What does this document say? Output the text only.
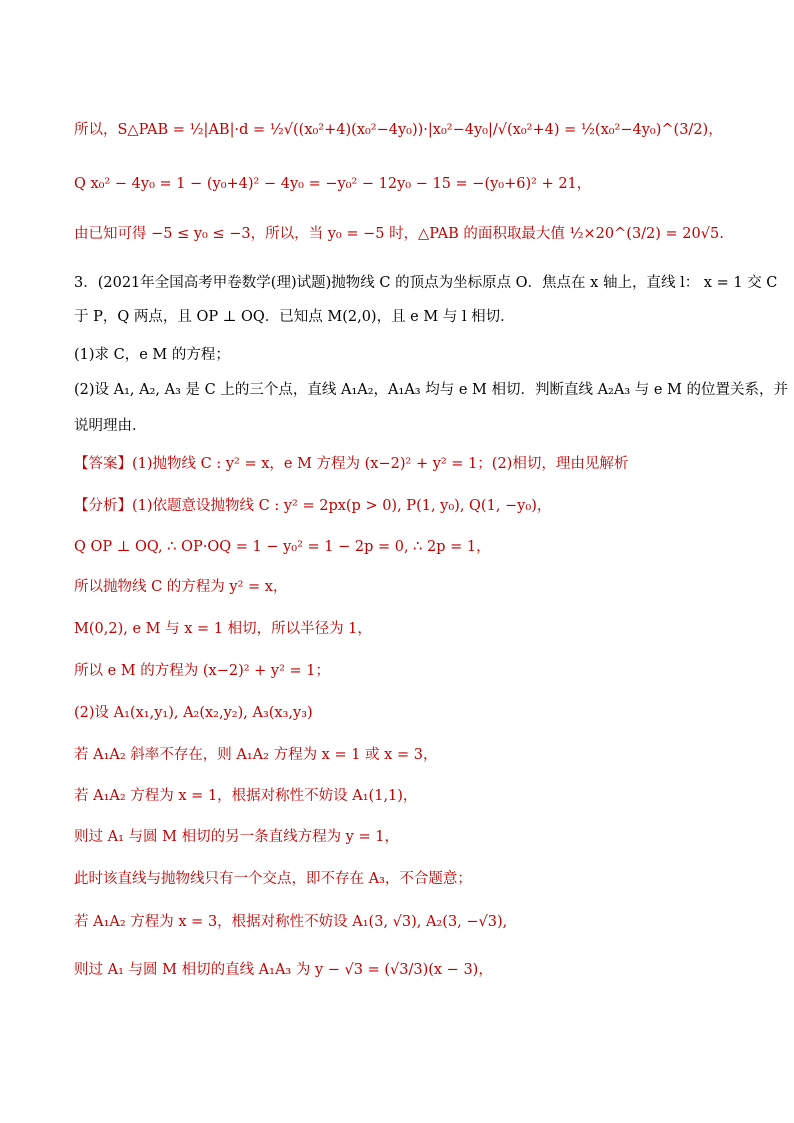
所以，S△PAB = ½|AB|·d = ½√((x₀²+4)(x₀²−4y₀))·|x₀²−4y₀|/√(x₀²+4) = ½(x₀²−4y₀)^(3/2)，
Q x₀² − 4y₀ = 1 − (y₀+4)² − 4y₀ = −y₀² − 12y₀ − 15 = −(y₀+6)² + 21，
由已知可得 −5 ≤ y₀ ≤ −3，所以，当 y₀ = −5 时，△PAB 的面积取最大值 ½×20^(3/2) = 20√5.
3．(2021年全国高考甲卷数学(理)试题)抛物线 C 的顶点为坐标原点 O．焦点在 x 轴上，直线 l： x = 1 交 C
于 P，Q 两点，且 OP ⊥ OQ．已知点 M(2,0)，且 e M 与 l 相切．
(1)求 C，e M 的方程；
(2)设 A₁, A₂, A₃ 是 C 上的三个点，直线 A₁A₂，A₁A₃ 均与 e M 相切．判断直线 A₂A₃ 与 e M 的位置关系，并
说明理由．
【答案】(1)抛物线 C : y² = x，e M 方程为 (x−2)² + y² = 1；(2)相切，理由见解析
【分析】(1)依题意设抛物线 C : y² = 2px(p > 0), P(1, y₀), Q(1, −y₀)，
Q OP ⊥ OQ, ∴ OP·OQ = 1 − y₀² = 1 − 2p = 0, ∴ 2p = 1，
所以抛物线 C 的方程为 y² = x，
M(0,2), e M 与 x = 1 相切，所以半径为 1，
所以 e M 的方程为 (x−2)² + y² = 1；
(2)设 A₁(x₁,y₁), A₂(x₂,y₂), A₃(x₃,y₃)
若 A₁A₂ 斜率不存在，则 A₁A₂ 方程为 x = 1 或 x = 3，
若 A₁A₂ 方程为 x = 1，根据对称性不妨设 A₁(1,1)，
则过 A₁ 与圆 M 相切的另一条直线方程为 y = 1，
此时该直线与抛物线只有一个交点，即不存在 A₃，不合题意；
若 A₁A₂ 方程为 x = 3，根据对称性不妨设 A₁(3, √3), A₂(3, −√3),
则过 A₁ 与圆 M 相切的直线 A₁A₃ 为 y − √3 = (√3/3)(x − 3)，
